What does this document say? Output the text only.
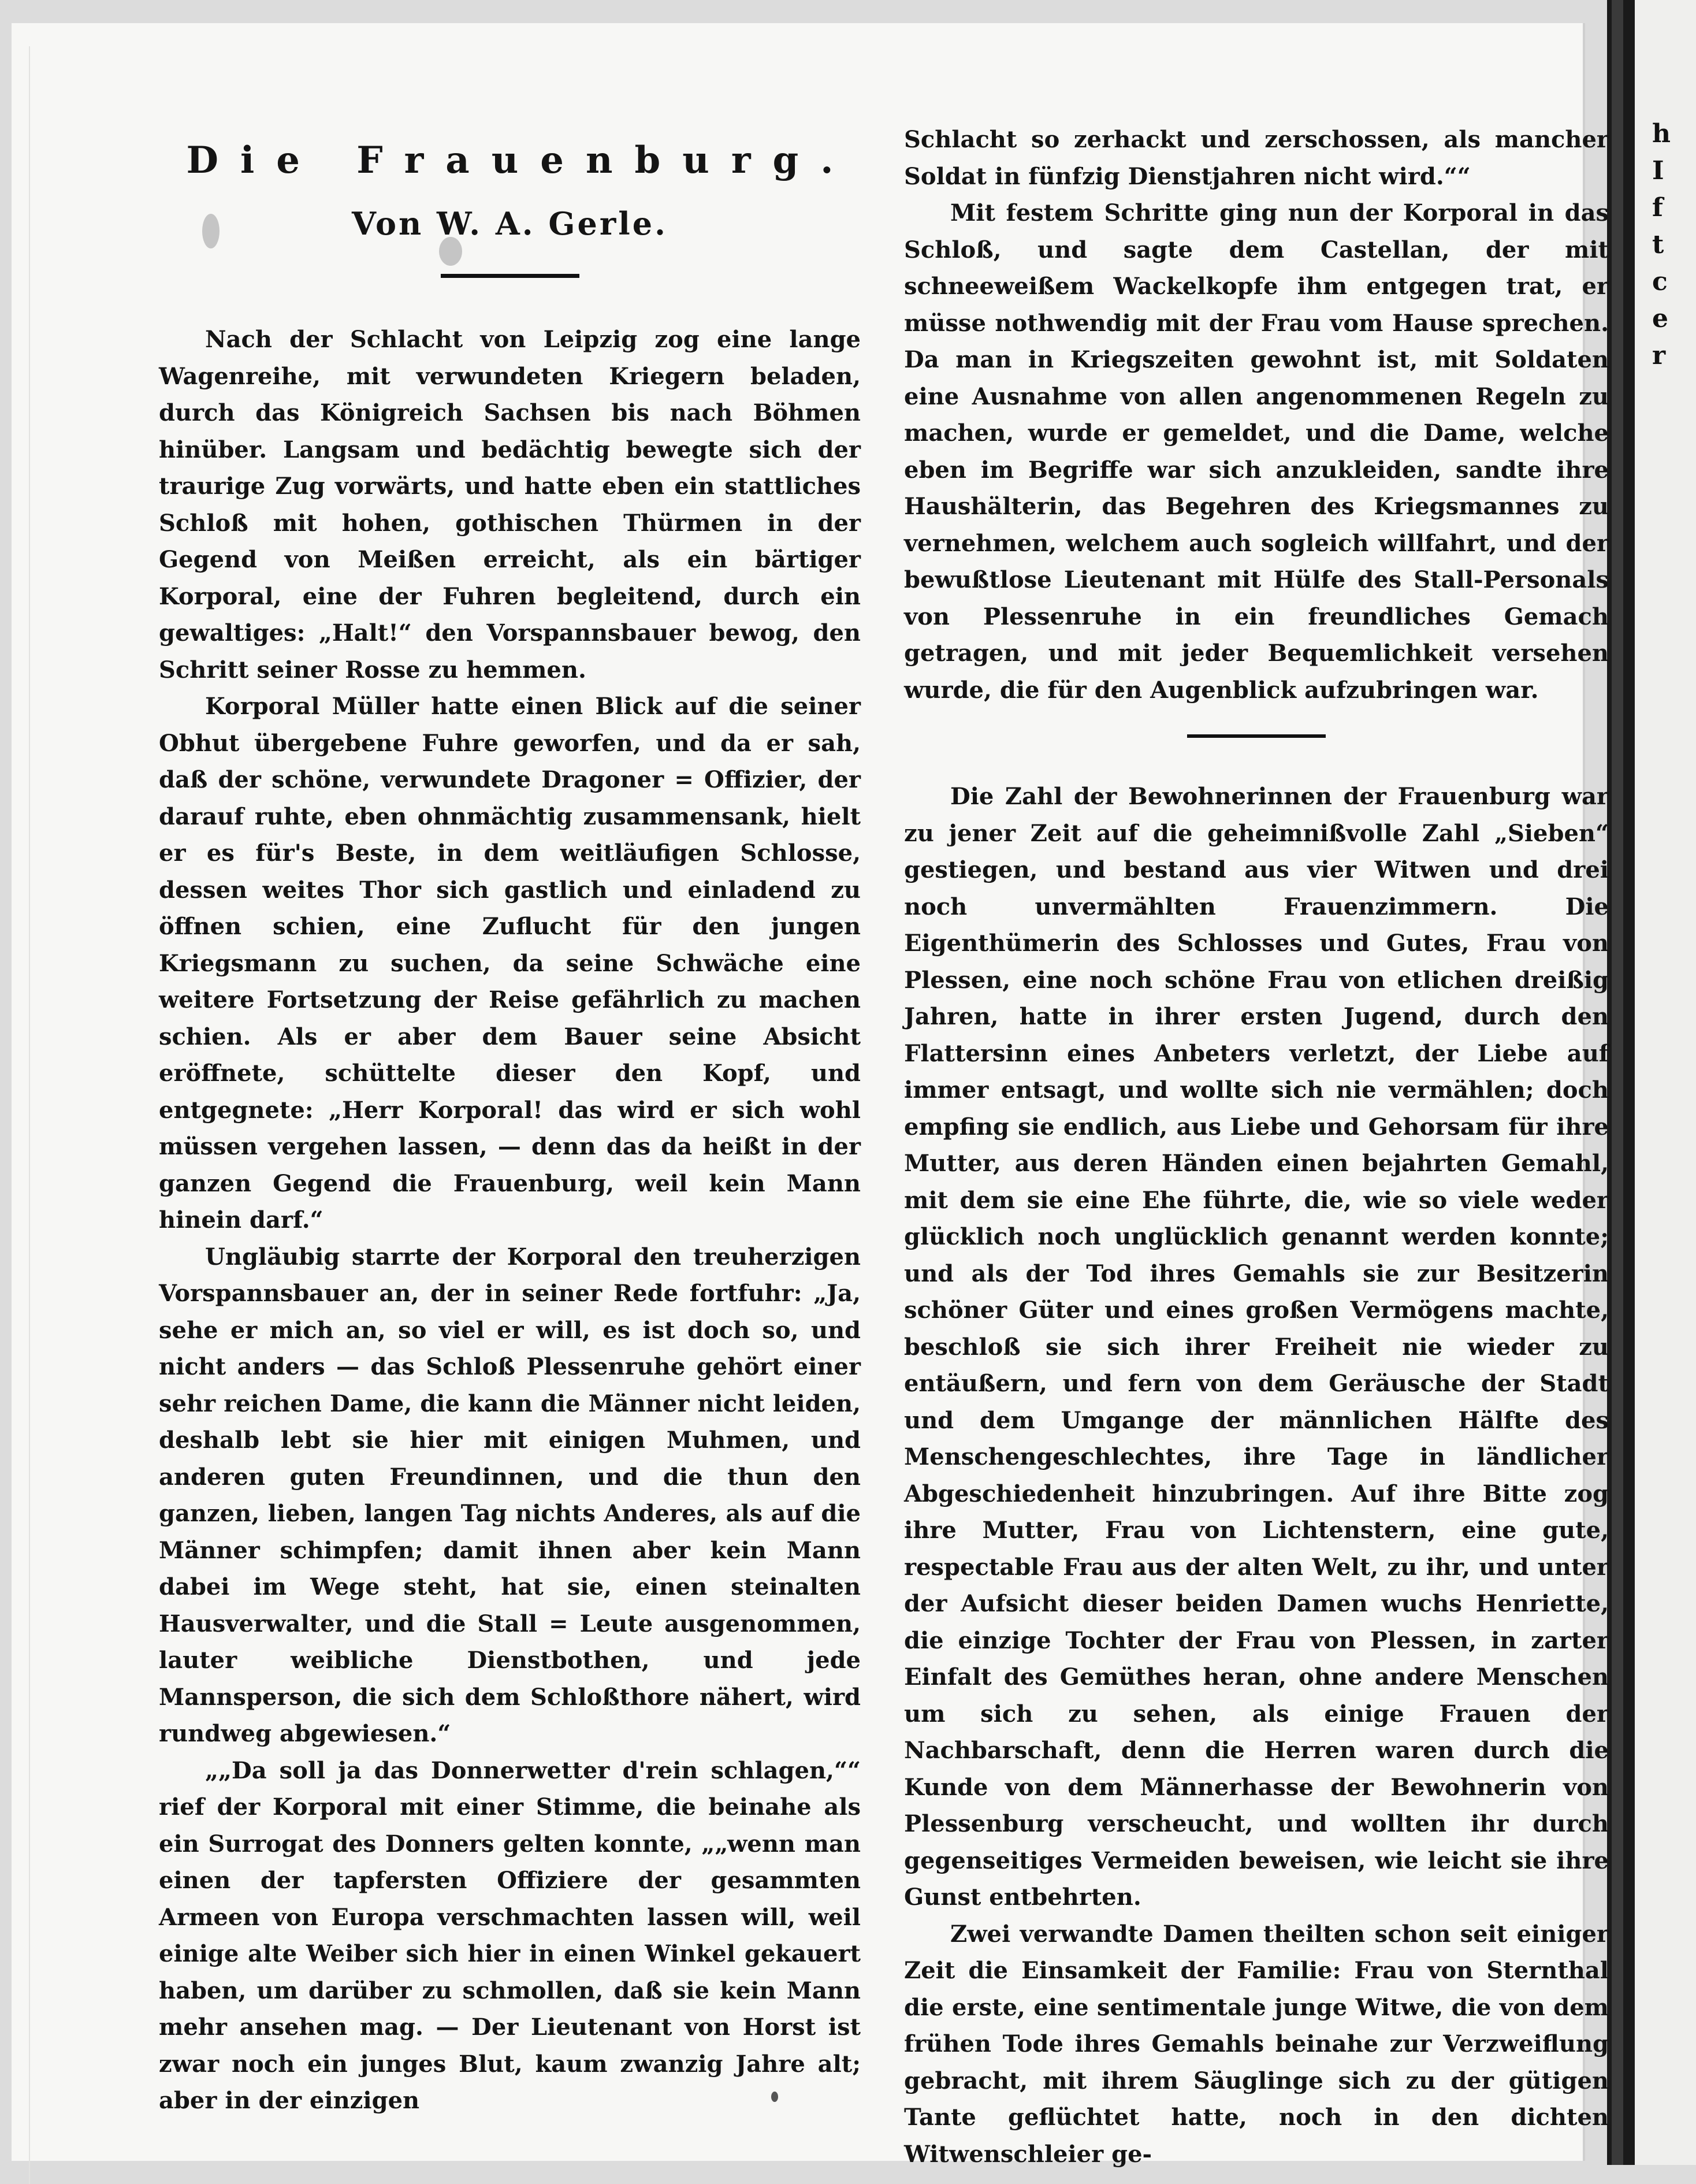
h
I
f
t
c
e
r
Die Frauenburg.
Von W. A. Gerle.

Nach der Schlacht von Leipzig zog eine lange Wagenreihe, mit verwundeten Kriegern beladen, durch das Königreich Sachsen bis nach Böhmen hinüber. Langsam und bedächtig bewegte sich der traurige Zug vorwärts, und hatte eben ein stattliches Schloß mit hohen, gothischen Thürmen in der Gegend von Meißen erreicht, als ein bärtiger Korporal, eine der Fuhren begleitend, durch ein gewaltiges: „Halt!“ den Vorspannsbauer bewog, den Schritt seiner Rosse zu hemmen.

Korporal Müller hatte einen Blick auf die seiner Obhut übergebene Fuhre geworfen, und da er sah, daß der schöne, verwundete Dragoner = Offizier, der darauf ruhte, eben ohnmächtig zusammensank, hielt er es für's Beste, in dem weitläufigen Schlosse, dessen weites Thor sich gastlich und einladend zu öffnen schien, eine Zuflucht für den jungen Kriegsmann zu suchen, da seine Schwäche eine weitere Fortsetzung der Reise gefährlich zu machen schien. Als er aber dem Bauer seine Absicht eröffnete, schüttelte dieser den Kopf, und entgegnete: „Herr Korporal! das wird er sich wohl müssen vergehen lassen, — denn das da heißt in der ganzen Gegend die Frauenburg, weil kein Mann hinein darf.“

Ungläubig starrte der Korporal den treuherzigen Vorspannsbauer an, der in seiner Rede fortfuhr: „Ja, sehe er mich an, so viel er will, es ist doch so, und nicht anders — das Schloß Plessenruhe gehört einer sehr reichen Dame, die kann die Männer nicht leiden, deshalb lebt sie hier mit einigen Muhmen, und anderen guten Freundinnen, und die thun den ganzen, lieben, langen Tag nichts Anderes, als auf die Männer schimpfen; damit ihnen aber kein Mann dabei im Wege steht, hat sie, einen steinalten Hausverwalter, und die Stall = Leute ausgenommen, lauter weibliche Dienstbothen, und jede Mannsperson, die sich dem Schloßthore nähert, wird rundweg abgewiesen.“

„„Da soll ja das Donnerwetter d'rein schlagen,““ rief der Korporal mit einer Stimme, die beinahe als ein Surrogat des Donners gelten konnte, „„wenn man einen der tapfersten Offiziere der gesammten Armeen von Europa verschmachten lassen will, weil einige alte Weiber sich hier in einen Winkel gekauert haben, um darüber zu schmollen, daß sie kein Mann mehr ansehen mag. — Der Lieutenant von Horst ist zwar noch ein junges Blut, kaum zwanzig Jahre alt; aber in der einzigen

Schlacht so zerhackt und zerschossen, als mancher Soldat in fünfzig Dienstjahren nicht wird.““

Mit festem Schritte ging nun der Korporal in das Schloß, und sagte dem Castellan, der mit schneeweißem Wackelkopfe ihm entgegen trat, er müsse nothwendig mit der Frau vom Hause sprechen. Da man in Kriegszeiten gewohnt ist, mit Soldaten eine Ausnahme von allen angenommenen Regeln zu machen, wurde er gemeldet, und die Dame, welche eben im Begriffe war sich anzukleiden, sandte ihre Haushälterin, das Begehren des Kriegsmannes zu vernehmen, welchem auch sogleich willfahrt, und der bewußtlose Lieutenant mit Hülfe des Stall-Personals von Plessenruhe in ein freundliches Gemach getragen, und mit jeder Bequemlichkeit versehen wurde, die für den Augenblick aufzubringen war.

Die Zahl der Bewohnerinnen der Frauenburg war zu jener Zeit auf die geheimnißvolle Zahl „Sieben“ gestiegen, und bestand aus vier Witwen und drei noch unvermählten Frauenzimmern. Die Eigenthümerin des Schlosses und Gutes, Frau von Plessen, eine noch schöne Frau von etlichen dreißig Jahren, hatte in ihrer ersten Jugend, durch den Flattersinn eines Anbeters verletzt, der Liebe auf immer entsagt, und wollte sich nie vermählen; doch empfing sie endlich, aus Liebe und Gehorsam für ihre Mutter, aus deren Händen einen bejahrten Gemahl, mit dem sie eine Ehe führte, die, wie so viele weder glücklich noch unglücklich genannt werden konnte; und als der Tod ihres Gemahls sie zur Besitzerin schöner Güter und eines großen Vermögens machte, beschloß sie sich ihrer Freiheit nie wieder zu entäußern, und fern von dem Geräusche der Stadt und dem Umgange der männlichen Hälfte des Menschengeschlechtes, ihre Tage in ländlicher Abgeschiedenheit hinzubringen. Auf ihre Bitte zog ihre Mutter, Frau von Lichtenstern, eine gute, respectable Frau aus der alten Welt, zu ihr, und unter der Aufsicht dieser beiden Damen wuchs Henriette, die einzige Tochter der Frau von Plessen, in zarter Einfalt des Gemüthes heran, ohne andere Menschen um sich zu sehen, als einige Frauen der Nachbarschaft, denn die Herren waren durch die Kunde von dem Männerhasse der Bewohnerin von Plessenburg verscheucht, und wollten ihr durch gegenseitiges Vermeiden beweisen, wie leicht sie ihre Gunst entbehrten.

Zwei verwandte Damen theilten schon seit einiger Zeit die Einsamkeit der Familie: Frau von Sternthal die erste, eine sentimentale junge Witwe, die von dem frühen Tode ihres Gemahls beinahe zur Verzweiflung gebracht, mit ihrem Säuglinge sich zu der gütigen Tante geflüchtet hatte, noch in den dichten Witwenschleier ge-
